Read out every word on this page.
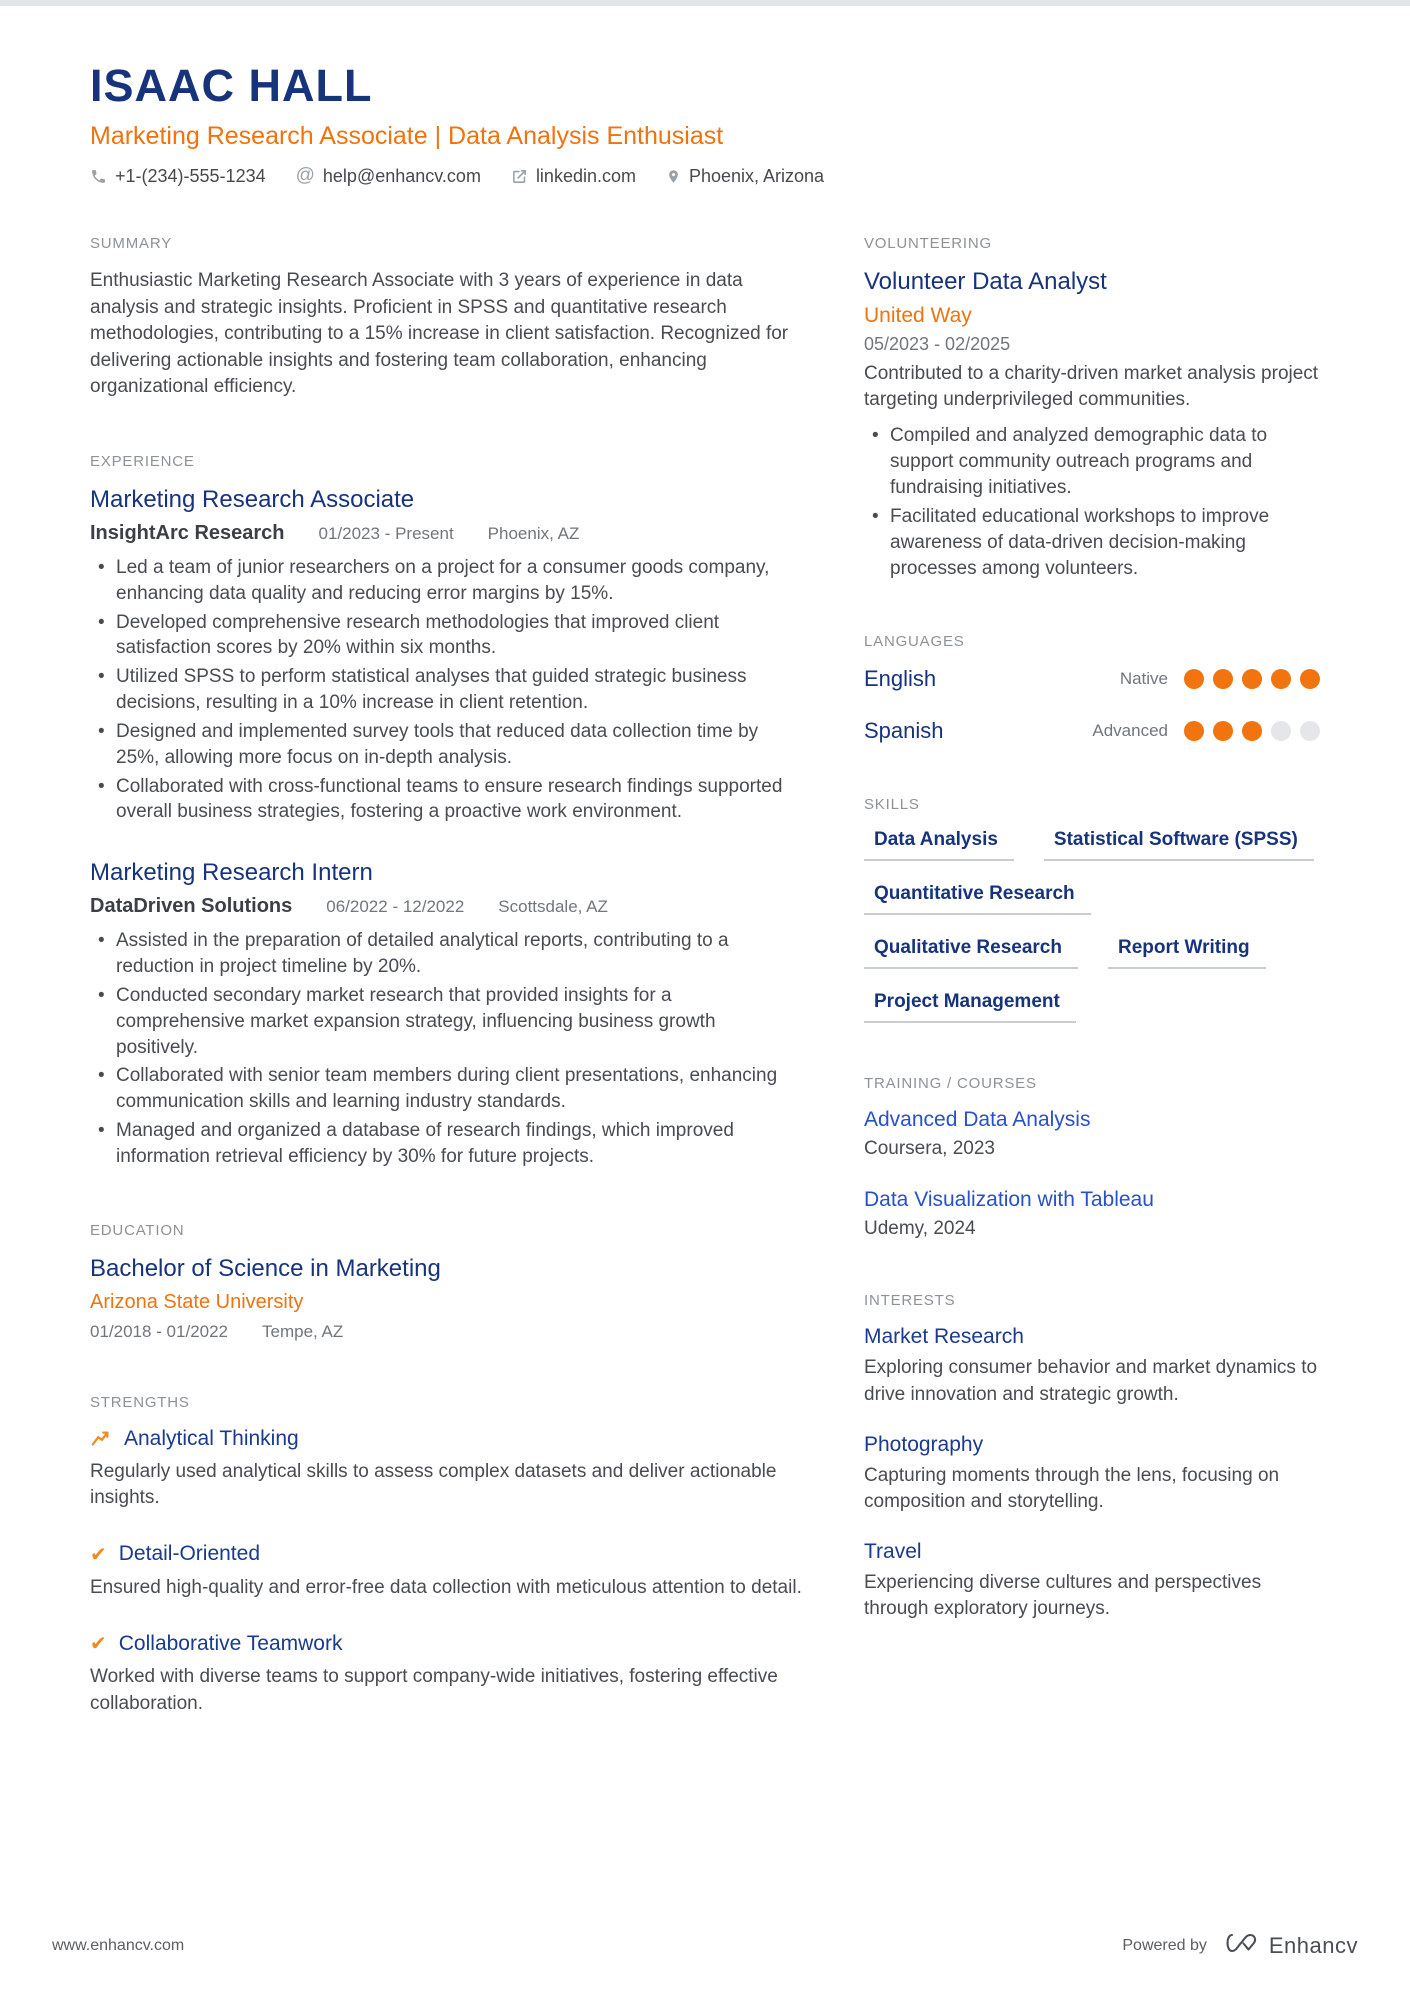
ISAAC HALL
Marketing Research Associate | Data Analysis Enthusiast
+1-(234)-555-1234 @ help@enhancv.com	linkedin.com	Phoenix, Arizona
SUMMARY

Enthusiastic Marketing Research Associate with 3 years of experience in data analysis and strategic insights. Proficient in SPSS and quantitative research methodologies, contributing to a 15% increase in client satisfaction. Recognized for delivering actionable insights and fostering team collaboration, enhancing organizational efficiency.

EXPERIENCE
Marketing Research Associate
InsightArc Research 01/2023 - Present Phoenix, AZ
• Led a team of junior researchers on a project for a consumer goods company, enhancing data quality and reducing error margins by 15%.
• Developed comprehensive research methodologies that improved client satisfaction scores by 20% within six months.
• Utilized SPSS to perform statistical analyses that guided strategic business decisions, resulting in a 10% increase in client retention.
• Designed and implemented survey tools that reduced data collection time by 25%, allowing more focus on in-depth analysis.
• Collaborated with cross-functional teams to ensure research findings supported overall business strategies, fostering a proactive work environment.
Marketing Research Intern
DataDriven Solutions 06/2022 - 12/2022 Scottsdale, AZ
• Assisted in the preparation of detailed analytical reports, contributing to a reduction in project timeline by 20%.
• Conducted secondary market research that provided insights for a comprehensive market expansion strategy, influencing business growth positively.
• Collaborated with senior team members during client presentations, enhancing communication skills and learning industry standards.
• Managed and organized a database of research findings, which improved information retrieval efficiency by 30% for future projects.
EDUCATION
Bachelor of Science in Marketing
Arizona State University
01/2018 - 01/2022 Tempe, AZ
STRENGTHS
Analytical Thinking

Regularly used analytical skills to assess complex datasets and deliver actionable insights.

✔ Detail-Oriented

Ensured high-quality and error-free data collection with meticulous attention to detail.

✔ Collaborative Teamwork

Worked with diverse teams to support company-wide initiatives, fostering effective collaboration.

VOLUNTEERING
Volunteer Data Analyst
United Way
05/2023 - 02/2025

Contributed to a charity-driven market analysis project targeting underprivileged communities.

• Compiled and analyzed demographic data to support community outreach programs and fundraising initiatives.
• Facilitated educational workshops to improve awareness of data-driven decision-making processes among volunteers.
LANGUAGES
English	Native
Spanish	Advanced
SKILLS
Data Analysis	Statistical Software (SPSS)
Quantitative Research
Qualitative Research	Report Writing
Project Management
TRAINING / COURSES
Advanced Data Analysis
Coursera, 2023
Data Visualization with Tableau
Udemy, 2024
INTERESTS
Market Research

Exploring consumer behavior and market dynamics to drive innovation and strategic growth.

Photography

Capturing moments through the lens, focusing on composition and storytelling.

Travel

Experiencing diverse cultures and perspectives through exploratory journeys.

www.enhancv.com	Powered by	Enhancv
